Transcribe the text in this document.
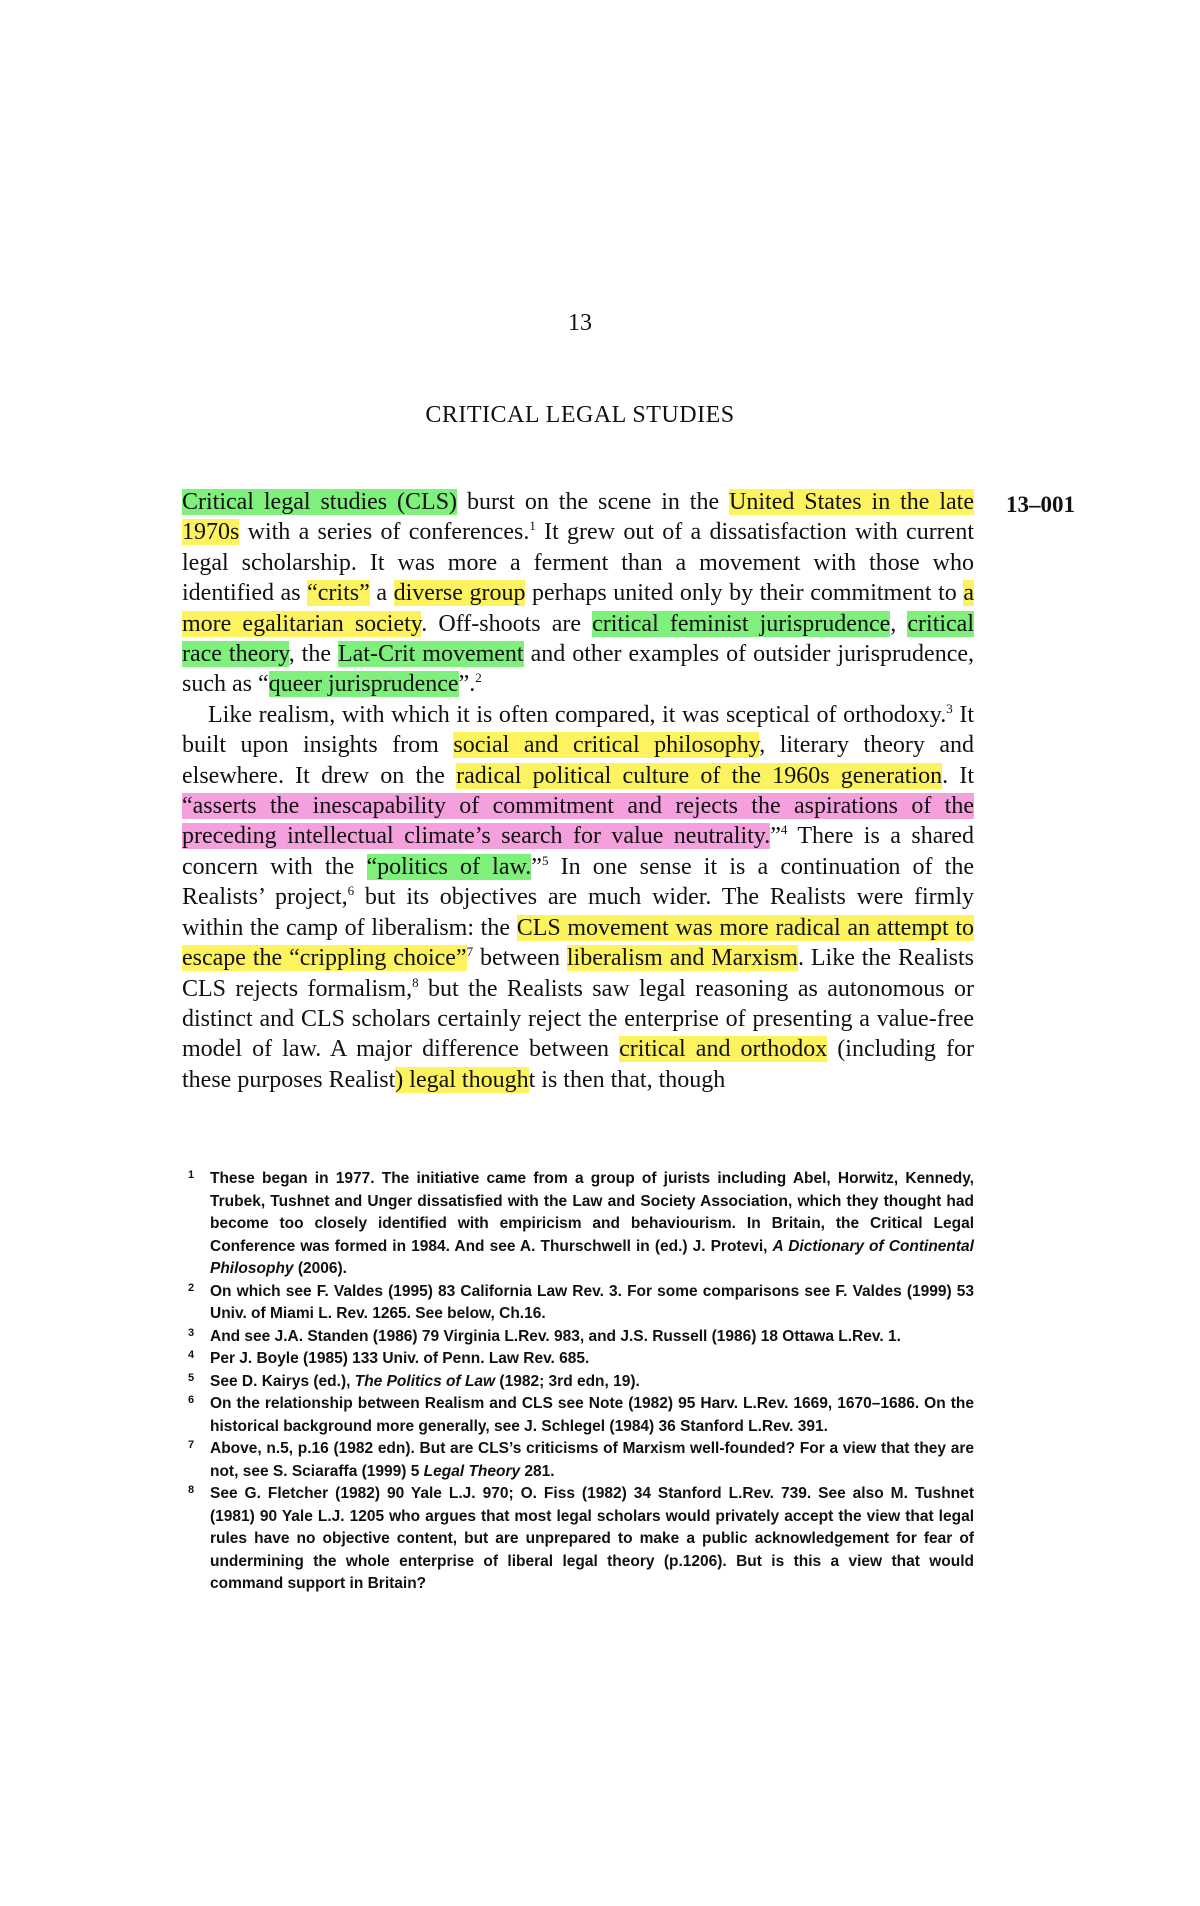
13
CRITICAL LEGAL STUDIES
13–001

Critical legal studies (CLS) burst on the scene in the United States in the late 1970s with a series of conferences.$^1$ It grew out of a dissatisfaction with current legal scholarship. It was more a ferment than a movement with those who identified as “crits” a diverse group perhaps united only by their commitment to a more egalitarian society. Off-shoots are critical feminist jurisprudence, critical race theory, the Lat-Crit movement and other examples of outsider jurisprudence, such as “queer jurisprudence”.$^2$

Like realism, with which it is often compared, it was sceptical of orthodoxy.$^3$ It built upon insights from social and critical philosophy, literary theory and elsewhere. It drew on the radical political culture of the 1960s generation. It “asserts the inescapability of commitment and rejects the aspirations of the preceding intellectual climate’s search for value neutrality.”$^4$ There is a shared concern with the “politics of law.”$^5$ In one sense it is a continuation of the Realists’ project,$^6$ but its objectives are much wider. The Realists were firmly within the camp of liberalism: the CLS movement was more radical an attempt to escape the “crippling choice”$^7$ between liberalism and Marxism. Like the Realists CLS rejects formalism,$^8$ but the Realists saw legal reasoning as autonomous or distinct and CLS scholars certainly reject the enterprise of presenting a value-free model of law. A major difference between critical and orthodox (including for these purposes Realist) legal thought is then that, though

1 These began in 1977. The initiative came from a group of jurists including Abel, Horwitz, Kennedy, Trubek, Tushnet and Unger dissatisfied with the Law and Society Association, which they thought had become too closely identified with empiricism and behaviourism. In Britain, the Critical Legal Conference was formed in 1984. And see A. Thurschwell in (ed.) J. Protevi, A Dictionary of Continental Philosophy (2006).
2 On which see F. Valdes (1995) 83 California Law Rev. 3. For some comparisons see F. Valdes (1999) 53 Univ. of Miami L. Rev. 1265. See below, Ch.16.
3 And see J.A. Standen (1986) 79 Virginia L.Rev. 983, and J.S. Russell (1986) 18 Ottawa L.Rev. 1.
4 Per J. Boyle (1985) 133 Univ. of Penn. Law Rev. 685.
5 See D. Kairys (ed.), The Politics of Law (1982; 3rd edn, 19).
6 On the relationship between Realism and CLS see Note (1982) 95 Harv. L.Rev. 1669, 1670–1686. On the historical background more generally, see J. Schlegel (1984) 36 Stanford L.Rev. 391.
7 Above, n.5, p.16 (1982 edn). But are CLS’s criticisms of Marxism well-founded? For a view that they are not, see S. Sciaraffa (1999) 5 Legal Theory 281.
8 See G. Fletcher (1982) 90 Yale L.J. 970; O. Fiss (1982) 34 Stanford L.Rev. 739. See also M. Tushnet (1981) 90 Yale L.J. 1205 who argues that most legal scholars would privately accept the view that legal rules have no objective content, but are unprepared to make a public acknowledgement for fear of undermining the whole enterprise of liberal legal theory (p.1206). But is this a view that would command support in Britain?
